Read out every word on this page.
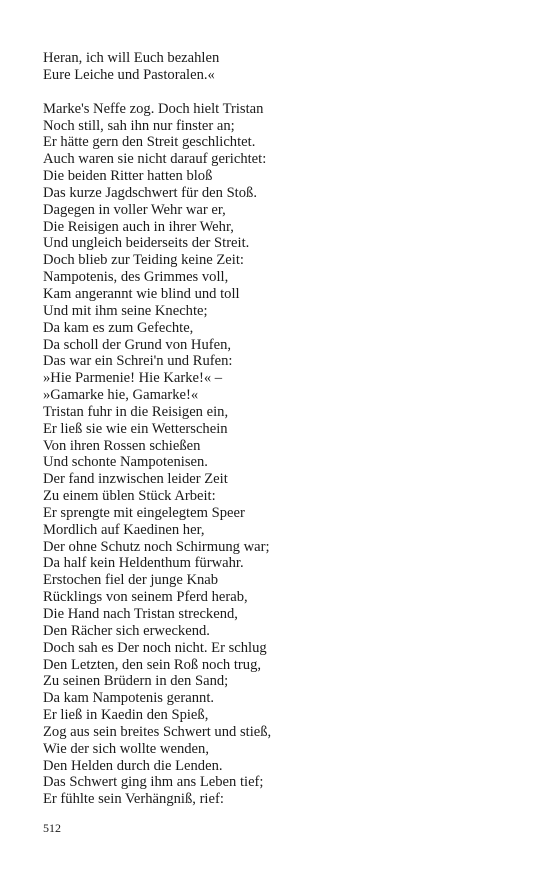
Heran, ich will Euch bezahlen
Eure Leiche und Pastoralen.«
Marke's Neffe zog. Doch hielt Tristan
Noch still, sah ihn nur finster an;
Er hätte gern den Streit geschlichtet.
Auch waren sie nicht darauf gerichtet:
Die beiden Ritter hatten bloß
Das kurze Jagdschwert für den Stoß.
Dagegen in voller Wehr war er,
Die Reisigen auch in ihrer Wehr,
Und ungleich beiderseits der Streit.
Doch blieb zur Teiding keine Zeit:
Nampotenis, des Grimmes voll,
Kam angerannt wie blind und toll
Und mit ihm seine Knechte;
Da kam es zum Gefechte,
Da scholl der Grund von Hufen,
Das war ein Schrei'n und Rufen:
»Hie Parmenie! Hie Karke!« –
»Gamarke hie, Gamarke!«
Tristan fuhr in die Reisigen ein,
Er ließ sie wie ein Wetterschein
Von ihren Rossen schießen
Und schonte Nampotenisen.
Der fand inzwischen leider Zeit
Zu einem üblen Stück Arbeit:
Er sprengte mit eingelegtem Speer
Mordlich auf Kaedinen her,
Der ohne Schutz noch Schirmung war;
Da half kein Heldenthum fürwahr.
Erstochen fiel der junge Knab
Rücklings von seinem Pferd herab,
Die Hand nach Tristan streckend,
Den Rächer sich erweckend.
Doch sah es Der noch nicht. Er schlug
Den Letzten, den sein Roß noch trug,
Zu seinen Brüdern in den Sand;
Da kam Nampotenis gerannt.
Er ließ in Kaedin den Spieß,
Zog aus sein breites Schwert und stieß,
Wie der sich wollte wenden,
Den Helden durch die Lenden.
Das Schwert ging ihm ans Leben tief;
Er fühlte sein Verhängniß, rief:
512
